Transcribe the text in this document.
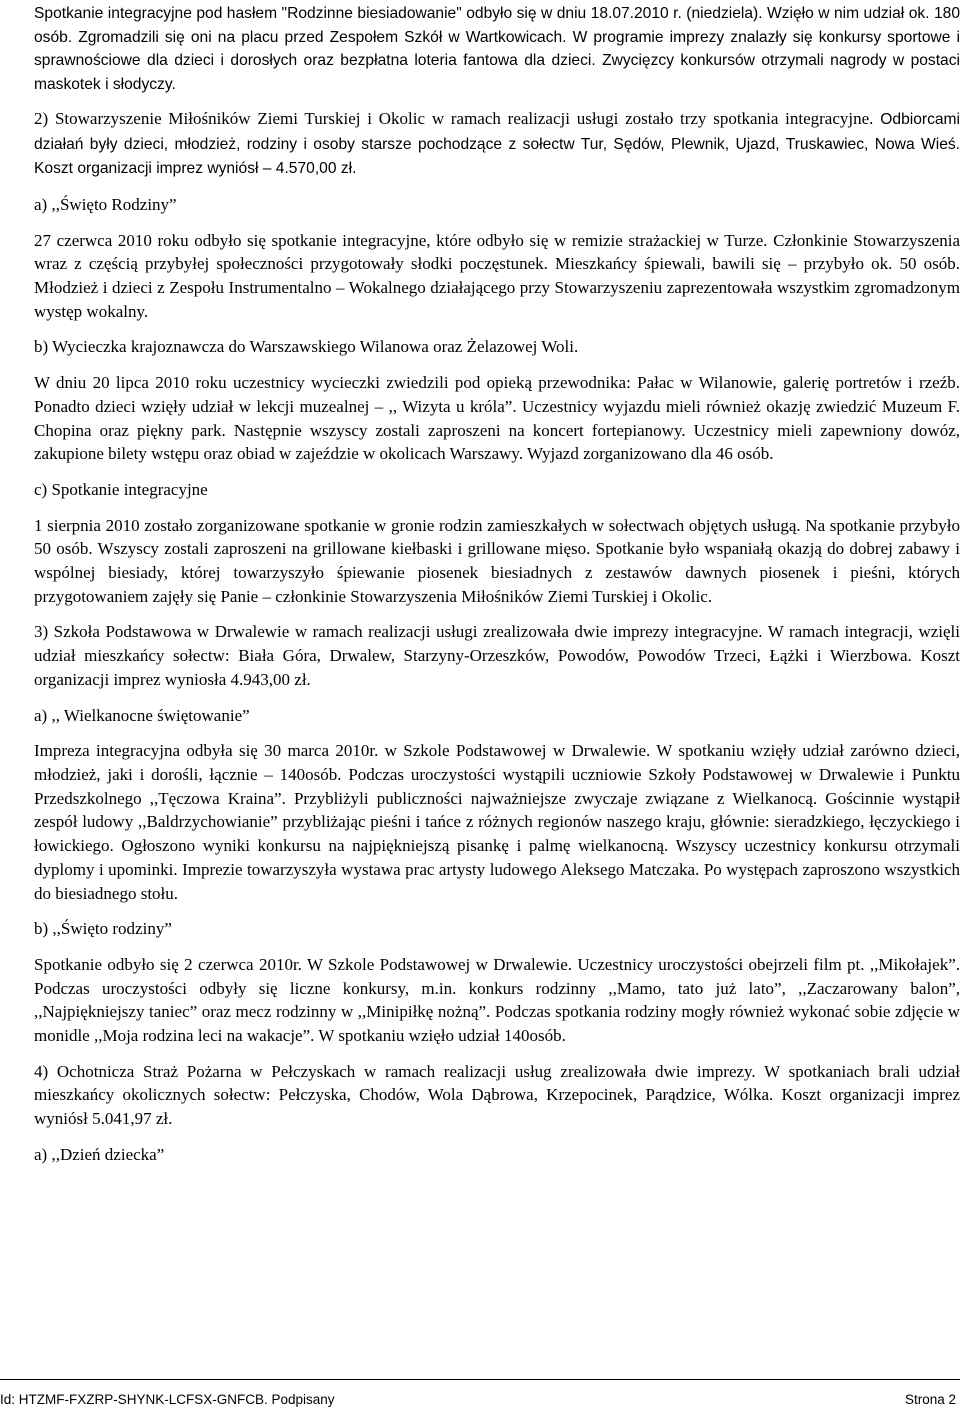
Spotkanie integracyjne pod hasłem "Rodzinne biesiadowanie" odbyło się w dniu 18.07.2010 r. (niedziela). Wzięło w nim udział ok. 180 osób. Zgromadzili się oni na placu przed Zespołem Szkół w Wartkowicach. W programie imprezy znalazły się konkursy sportowe i sprawnościowe dla dzieci i dorosłych oraz bezpłatna loteria fantowa dla dzieci. Zwycięzcy konkursów otrzymali nagrody w postaci maskotek i słodyczy.

2) Stowarzyszenie Miłośników Ziemi Turskiej i Okolic w ramach realizacji usługi zostało trzy spotkania integracyjne. Odbiorcami działań były dzieci, młodzież, rodziny i osoby starsze pochodzące z sołectw Tur, Sędów, Plewnik, Ujazd, Truskawiec, Nowa Wieś. Koszt organizacji imprez wyniósł – 4.570,00 zł.

a) ,,Święto Rodziny”

27 czerwca 2010 roku odbyło się spotkanie integracyjne, które odbyło się w remizie strażackiej w Turze. Członkinie Stowarzyszenia wraz z częścią przybyłej społeczności przygotowały słodki poczęstunek. Mieszkańcy śpiewali, bawili się – przybyło ok. 50 osób. Młodzież i dzieci z Zespołu Instrumentalno – Wokalnego działającego przy Stowarzyszeniu zaprezentowała wszystkim zgromadzonym występ wokalny.

b) Wycieczka krajoznawcza do Warszawskiego Wilanowa oraz Żelazowej Woli.

W dniu 20 lipca 2010 roku uczestnicy wycieczki zwiedzili pod opieką przewodnika: Pałac w Wilanowie, galerię portretów i rzeźb. Ponadto dzieci wzięły udział w lekcji muzealnej – ,, Wizyta u króla”. Uczestnicy wyjazdu mieli również okazję zwiedzić Muzeum F. Chopina oraz piękny park. Następnie wszyscy zostali zaproszeni na koncert fortepianowy. Uczestnicy mieli zapewniony dowóz, zakupione bilety wstępu oraz obiad w zajeździe w okolicach Warszawy. Wyjazd zorganizowano dla 46 osób.

c) Spotkanie integracyjne

1 sierpnia 2010 zostało zorganizowane spotkanie w gronie rodzin zamieszkałych w sołectwach objętych usługą. Na spotkanie przybyło 50 osób. Wszyscy zostali zaproszeni na grillowane kiełbaski i grillowane mięso. Spotkanie było wspaniałą okazją do dobrej zabawy i wspólnej biesiady, której towarzyszyło śpiewanie piosenek biesiadnych z zestawów dawnych piosenek i pieśni, których przygotowaniem zajęły się Panie – członkinie Stowarzyszenia Miłośników Ziemi Turskiej i Okolic.

3) Szkoła Podstawowa w Drwalewie w ramach realizacji usługi zrealizowała dwie imprezy integracyjne. W ramach integracji, wzięli udział mieszkańcy sołectw: Biała Góra, Drwalew, Starzyny-Orzeszków, Powodów, Powodów Trzeci, Łążki i Wierzbowa. Koszt organizacji imprez wyniosła 4.943,00 zł.

a) ,, Wielkanocne świętowanie”

Impreza integracyjna odbyła się 30 marca 2010r. w Szkole Podstawowej w Drwalewie. W spotkaniu wzięły udział zarówno dzieci, młodzież, jaki i dorośli, łącznie – 140osób. Podczas uroczystości wystąpili uczniowie Szkoły Podstawowej w Drwalewie i Punktu Przedszkolnego ,,Tęczowa Kraina”. Przybliżyli publiczności najważniejsze zwyczaje związane z Wielkanocą. Gościnnie wystąpił zespół ludowy ,,Baldrzychowianie” przybliżając pieśni i tańce z różnych regionów naszego kraju, głównie: sieradzkiego, łęczyckiego i łowickiego. Ogłoszono wyniki konkursu na najpiękniejszą pisankę i palmę wielkanocną. Wszyscy uczestnicy konkursu otrzymali dyplomy i upominki. Imprezie towarzyszyła wystawa prac artysty ludowego Aleksego Matczaka. Po występach zaproszono wszystkich do biesiadnego stołu.

b) ,,Święto rodziny”

Spotkanie odbyło się 2 czerwca 2010r. W Szkole Podstawowej w Drwalewie. Uczestnicy uroczystości obejrzeli film pt. ,,Mikołajek”. Podczas uroczystości odbyły się liczne konkursy, m.in. konkurs rodzinny ,,Mamo, tato już lato”, ,,Zaczarowany balon”, ,,Najpiękniejszy taniec” oraz mecz rodzinny w ,,Minipiłkę nożną”. Podczas spotkania rodziny mogły również wykonać sobie zdjęcie w monidle ,,Moja rodzina leci na wakacje”. W spotkaniu wzięło udział 140osób.

4) Ochotnicza Straż Pożarna w Pełczyskach w ramach realizacji usług zrealizowała dwie imprezy. W spotkaniach brali udział mieszkańcy okolicznych sołectw: Pełczyska, Chodów, Wola Dąbrowa, Krzepocinek, Parądzice, Wólka. Koszt organizacji imprez wyniósł 5.041,97 zł.

a) ,,Dzień dziecka”

Id: HTZMF-FXZRP-SHYNK-LCFSX-GNFCB. Podpisany	Strona 2
